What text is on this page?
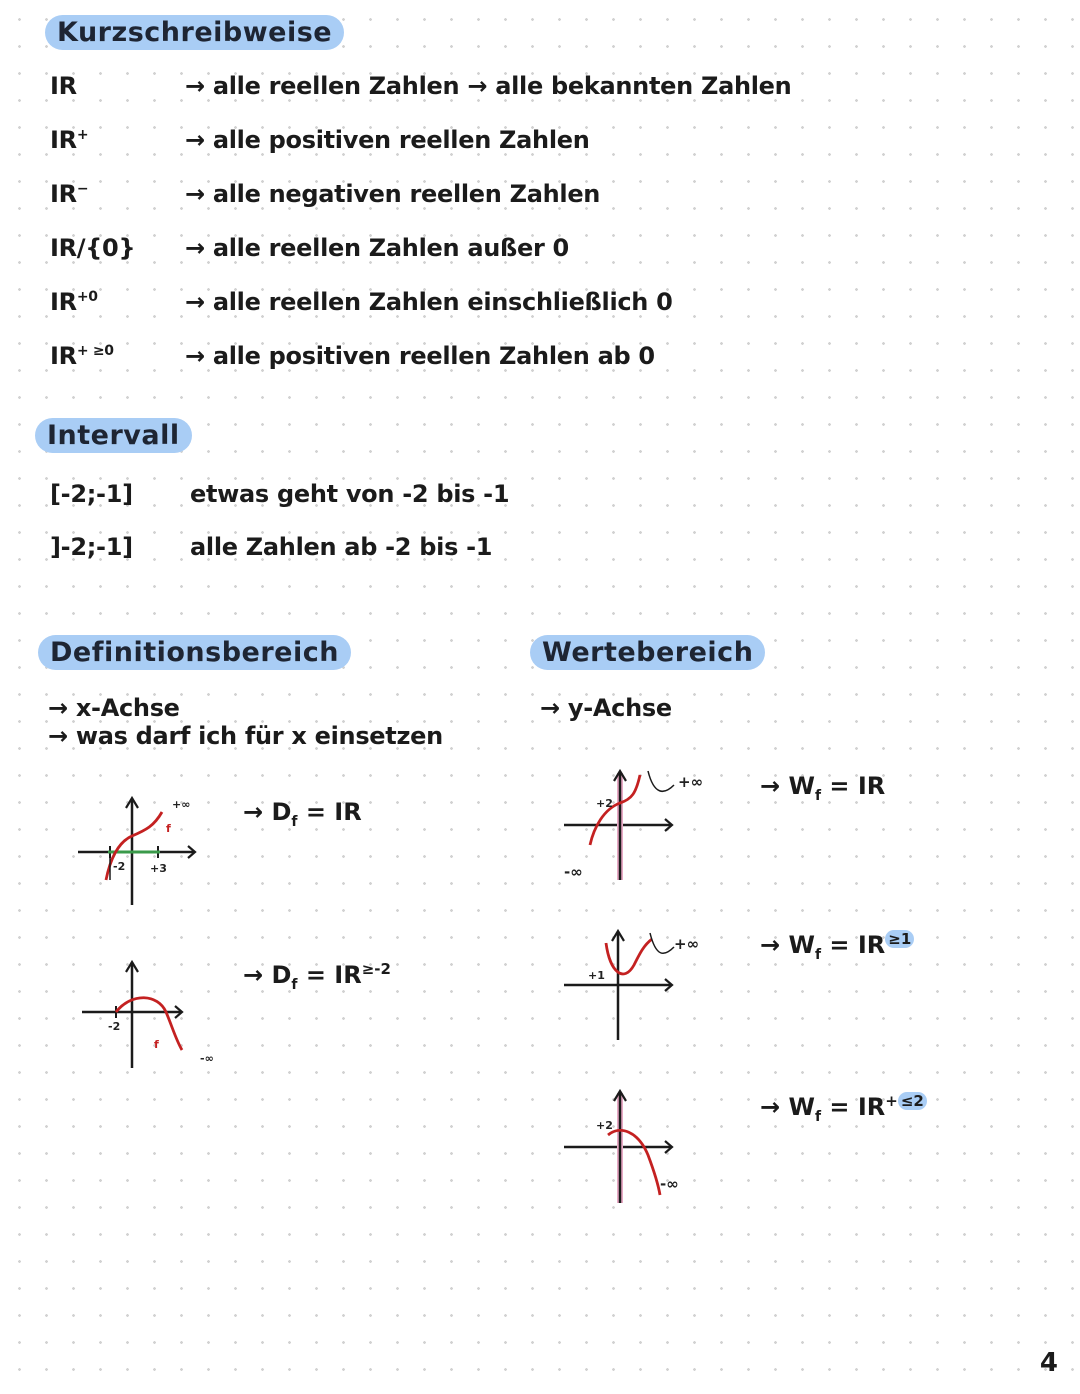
Kurzschreibweise
IR	→ alle reellen Zahlen → alle bekannten Zahlen
IR+	→ alle positiven reellen Zahlen
IR−	→ alle negativen reellen Zahlen
IR/{0} → alle reellen Zahlen außer 0
$IR^{+0}$	→ alle reellen Zahlen einschließlich 0
$IR^{+ \ge 0}$	→ alle positiven reellen Zahlen ab 0
Intervall
[-2;-1] etwas geht von -2 bis -1
]-2;-1] alle Zahlen ab -2 bis -1
Definitionsbereich
→ x-Achse
→ was darf ich für x einsetzen
-2 +3
f
+∞ → $D_f$ = IR
-2
f
-∞
→ $D_f = IR^{\ge-2}$
Wertebereich
→ y-Achse
+2
+∞
-∞
→ $W_f$ = IR
+1
+∞	→ $W_f$ = IR $^{\ge 1}$
+2
-∞
→ $W_f = IR^+$ $^{\le 2}$
4
